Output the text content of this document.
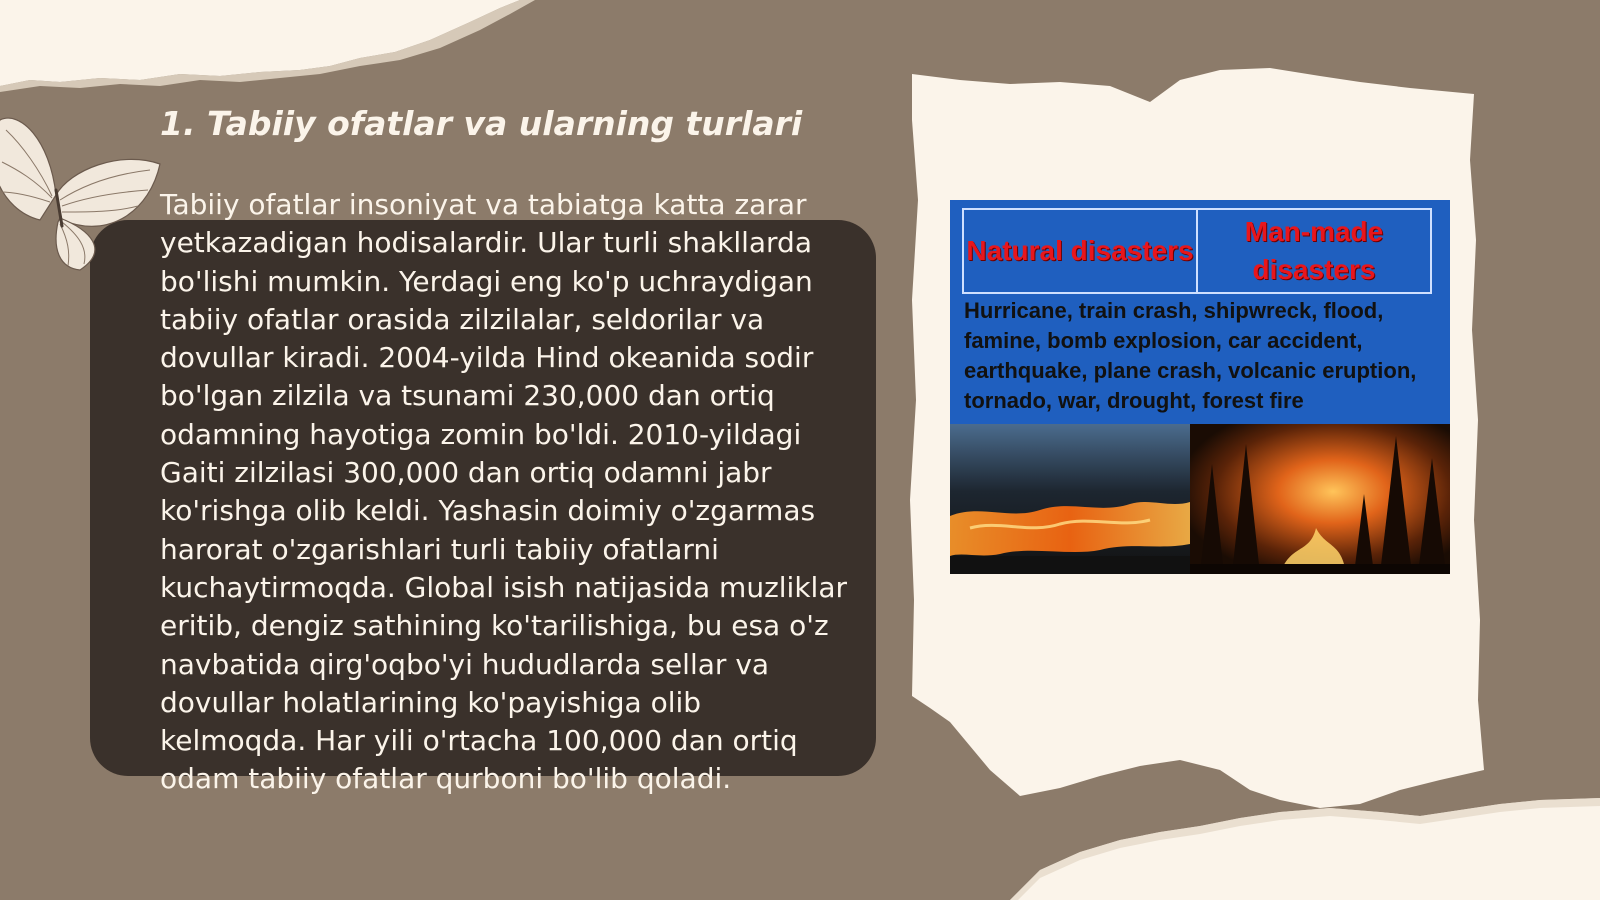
1. Tabiiy ofatlar va ularning turlari

Tabiiy ofatlar insoniyat va tabiatga katta zarar yetkazadigan hodisalardir. Ular turli shakllarda bo'lishi mumkin. Yerdagi eng ko'p uchraydigan tabiiy ofatlar orasida zilzilalar, seldorilar va dovullar kiradi. 2004-yilda Hind okeanida sodir bo'lgan zilzila va tsunami 230,000 dan ortiq odamning hayotiga zomin bo'ldi. 2010-yildagi Gaiti zilzilasi 300,000 dan ortiq odamni jabr ko'rishga olib keldi. Yashasin doimiy o'zgarmas harorat o'zgarishlari turli tabiiy ofatlarni kuchaytirmoqda. Global isish natijasida muzliklar eritib, dengiz sathining ko'tarilishiga, bu esa o'z navbatida qirg'oqbo'yi hududlarda sellar va dovullar holatlarining ko'payishiga olib kelmoqda. Har yili o'rtacha 100,000 dan ortiq odam tabiiy ofatlar qurboni bo'lib qoladi.

Natural disasters
Man-made disasters

Hurricane, train crash, shipwreck, flood, famine, bomb explosion, car accident, earthquake, plane crash, volcanic eruption, tornado, war, drought, forest fire
